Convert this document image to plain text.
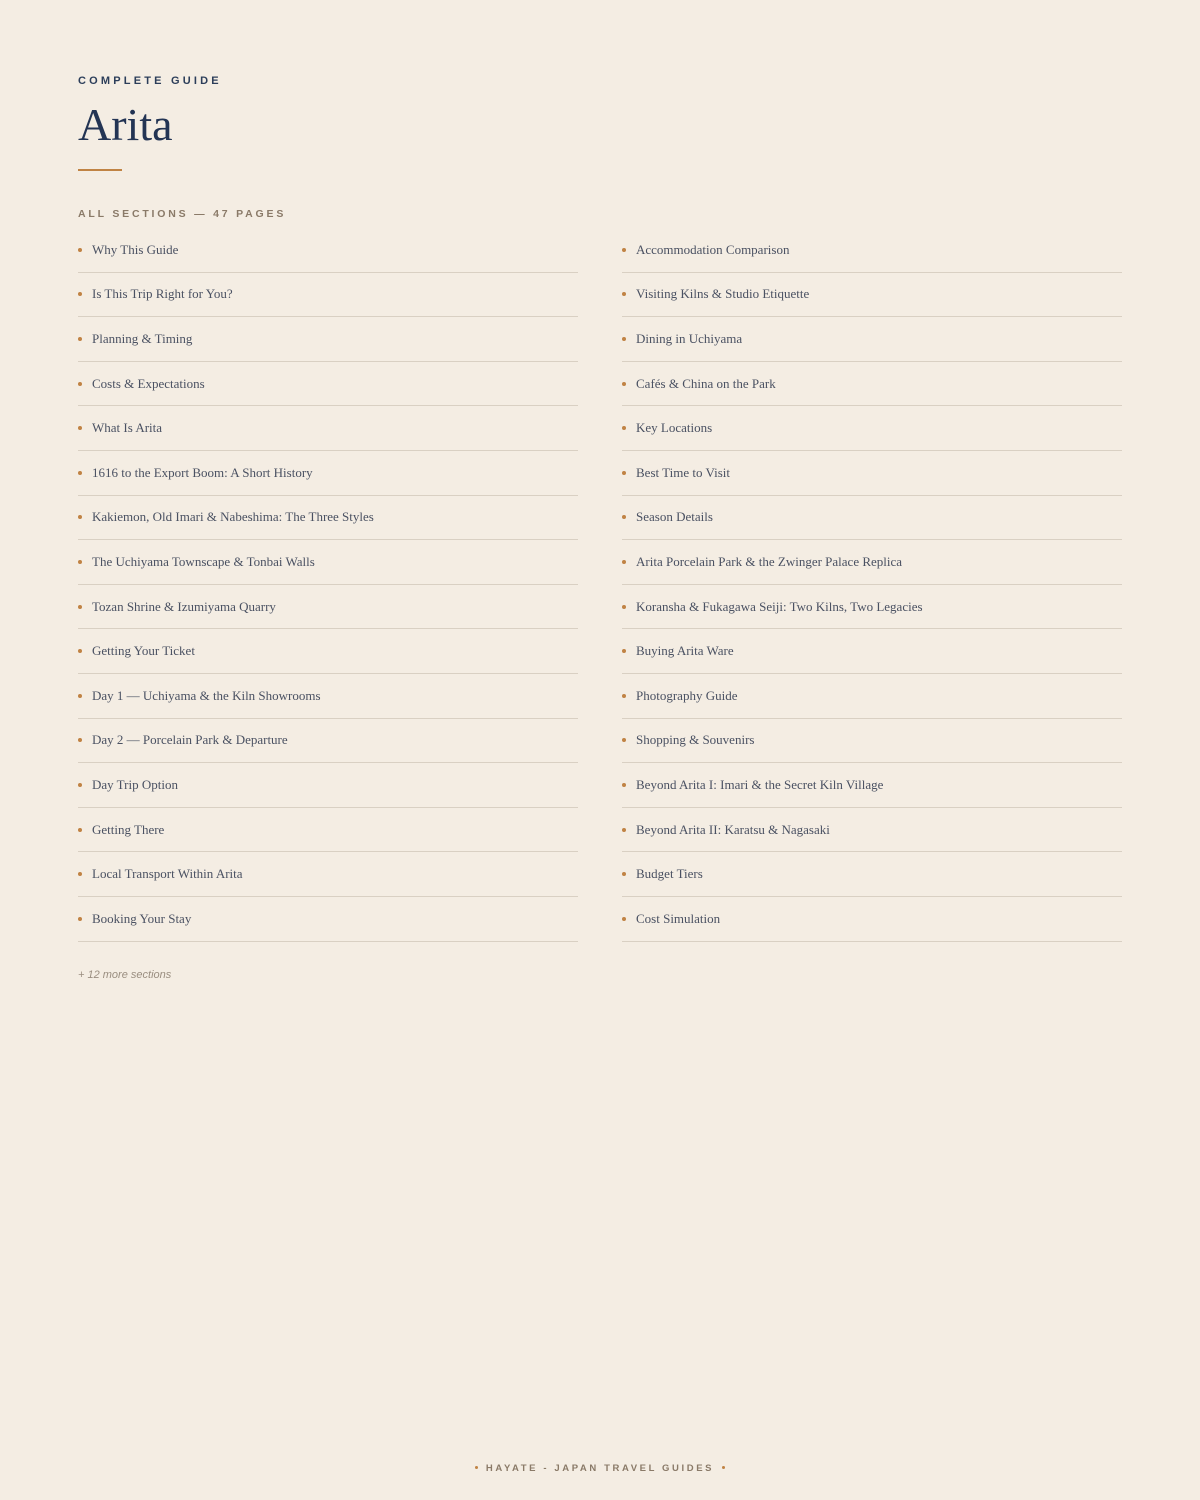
COMPLETE GUIDE
Arita
ALL SECTIONS — 47 PAGES
Why This Guide
Is This Trip Right for You?
Planning & Timing
Costs & Expectations
What Is Arita
1616 to the Export Boom: A Short History
Kakiemon, Old Imari & Nabeshima: The Three Styles
The Uchiyama Townscape & Tonbai Walls
Tozan Shrine & Izumiyama Quarry
Getting Your Ticket
Day 1 — Uchiyama & the Kiln Showrooms
Day 2 — Porcelain Park & Departure
Day Trip Option
Getting There
Local Transport Within Arita
Booking Your Stay
Accommodation Comparison
Visiting Kilns & Studio Etiquette
Dining in Uchiyama
Cafés & China on the Park
Key Locations
Best Time to Visit
Season Details
Arita Porcelain Park & the Zwinger Palace Replica
Koransha & Fukagawa Seiji: Two Kilns, Two Legacies
Buying Arita Ware
Photography Guide
Shopping & Souvenirs
Beyond Arita I: Imari & the Secret Kiln Village
Beyond Arita II: Karatsu & Nagasaki
Budget Tiers
Cost Simulation
+ 12 more sections
HAYATE - JAPAN TRAVEL GUIDES
